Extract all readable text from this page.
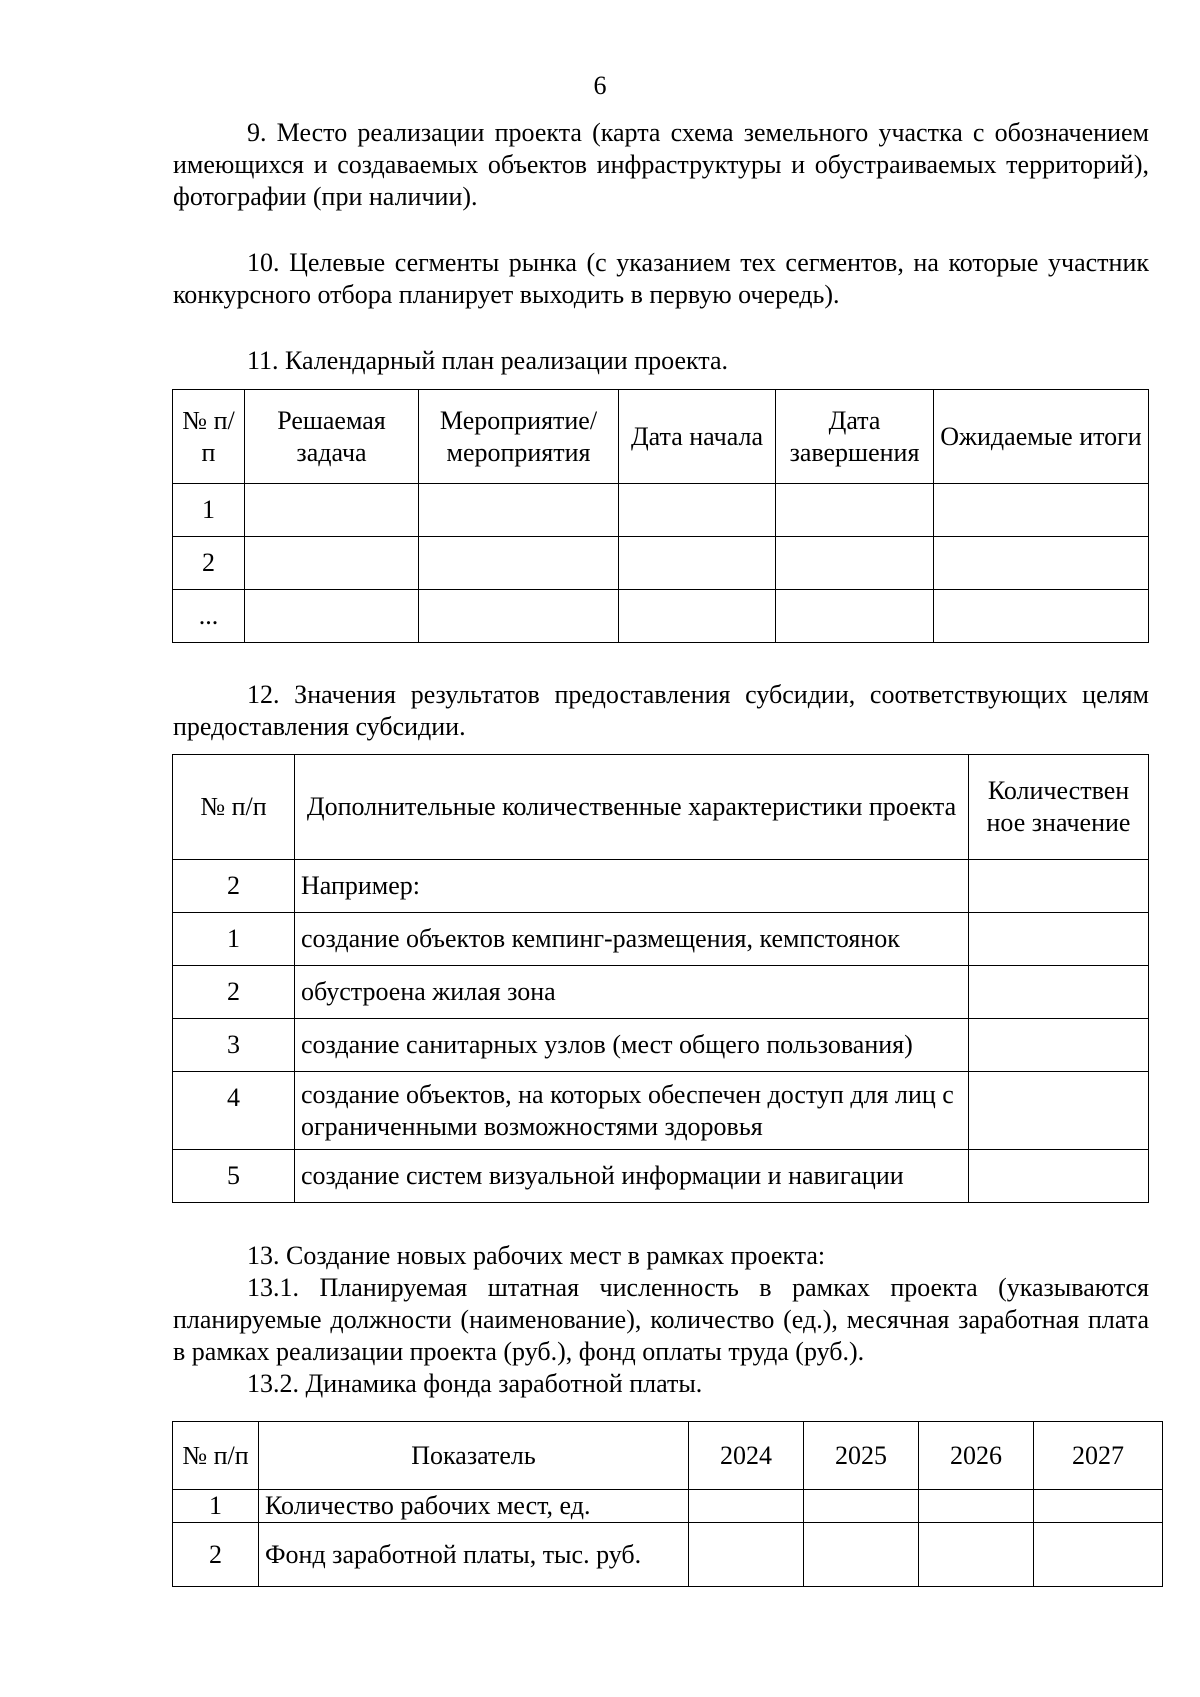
6
9. Место реализации проекта (карта схема земельного участка с обозначением имеющихся и создаваемых объектов инфраструктуры и обустраиваемых территорий), фотографии (при наличии).
10. Целевые сегменты рынка (с указанием тех сегментов, на которые участник конкурсного отбора планирует выходить в первую очередь).
11. Календарный план реализации проекта.
№ п/п	Решаемая задача	Мероприятие/ мероприятия	Дата начала	Дата завершения	Ожидаемые итоги
1					
2					
...					
12. Значения результатов предоставления субсидии, соответствующих целям предоставления субсидии.
№ п/п	Дополнительные количественные характеристики проекта	Количествен ное значение
2	Например:	
1	создание объектов кемпинг-размещения, кемпстоянок	
2	обустроена жилая зона	
3	создание санитарных узлов (мест общего пользования)	
4	создание объектов, на которых обеспечен доступ для лиц с ограниченными возможностями здоровья	
5	создание систем визуальной информации и навигации	
13. Создание новых рабочих мест в рамках проекта:
13.1. Планируемая штатная численность в рамках проекта (указываются планируемые должности (наименование), количество (ед.), месячная заработная плата в рамках реализации проекта (руб.), фонд оплаты труда (руб.).
13.2. Динамика фонда заработной платы.
№ п/п	Показатель	2024	2025	2026	2027
1	Количество рабочих мест, ед.				
2	Фонд заработной платы, тыс. руб.				
